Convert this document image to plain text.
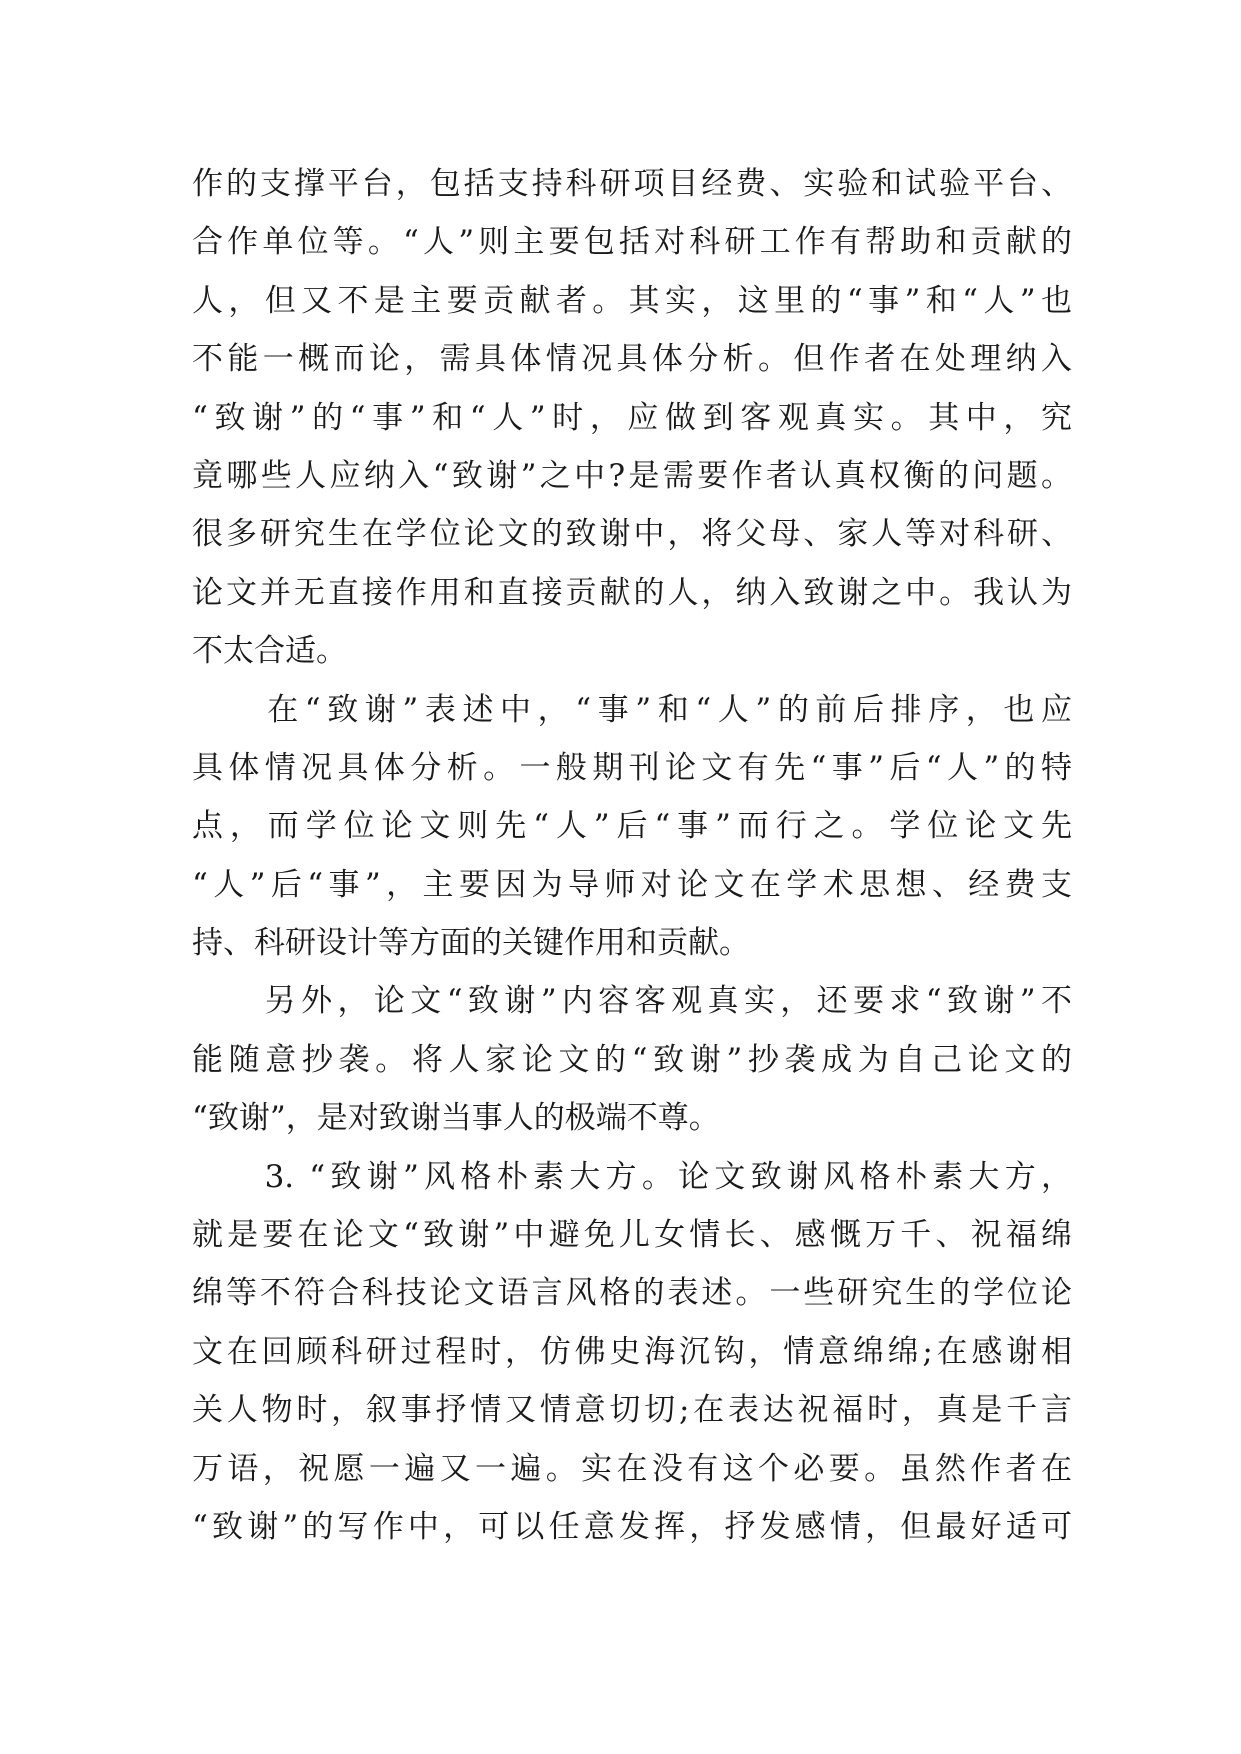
作的支撑平台，包括支持科研项目经费、实验和试验平台、
合作单位等。“人”则主要包括对科研工作有帮助和贡献的
人，但又不是主要贡献者。其实，这里的“事”和“人”也
不能一概而论，需具体情况具体分析。但作者在处理纳入
“致谢”的“事”和“人”时，应做到客观真实。其中，究
竟哪些人应纳入“致谢”之中?是需要作者认真权衡的问题。
很多研究生在学位论文的致谢中，将父母、家人等对科研、
论文并无直接作用和直接贡献的人，纳入致谢之中。我认为
不太合适。
　　在“致谢”表述中，“事”和“人”的前后排序，也应
具体情况具体分析。一般期刊论文有先“事”后“人”的特
点，而学位论文则先“人”后“事”而行之。学位论文先
“人”后“事”，主要因为导师对论文在学术思想、经费支
持、科研设计等方面的关键作用和贡献。
　　另外，论文“致谢”内容客观真实，还要求“致谢”不
能随意抄袭。将人家论文的“致谢”抄袭成为自己论文的
“致谢”，是对致谢当事人的极端不尊。
　　3. “致谢”风格朴素大方。论文致谢风格朴素大方，
就是要在论文“致谢”中避免儿女情长、感慨万千、祝福绵
绵等不符合科技论文语言风格的表述。一些研究生的学位论
文在回顾科研过程时，仿佛史海沉钩，情意绵绵;在感谢相
关人物时，叙事抒情又情意切切;在表达祝福时，真是千言
万语，祝愿一遍又一遍。实在没有这个必要。虽然作者在
“致谢”的写作中，可以任意发挥，抒发感情，但最好适可
